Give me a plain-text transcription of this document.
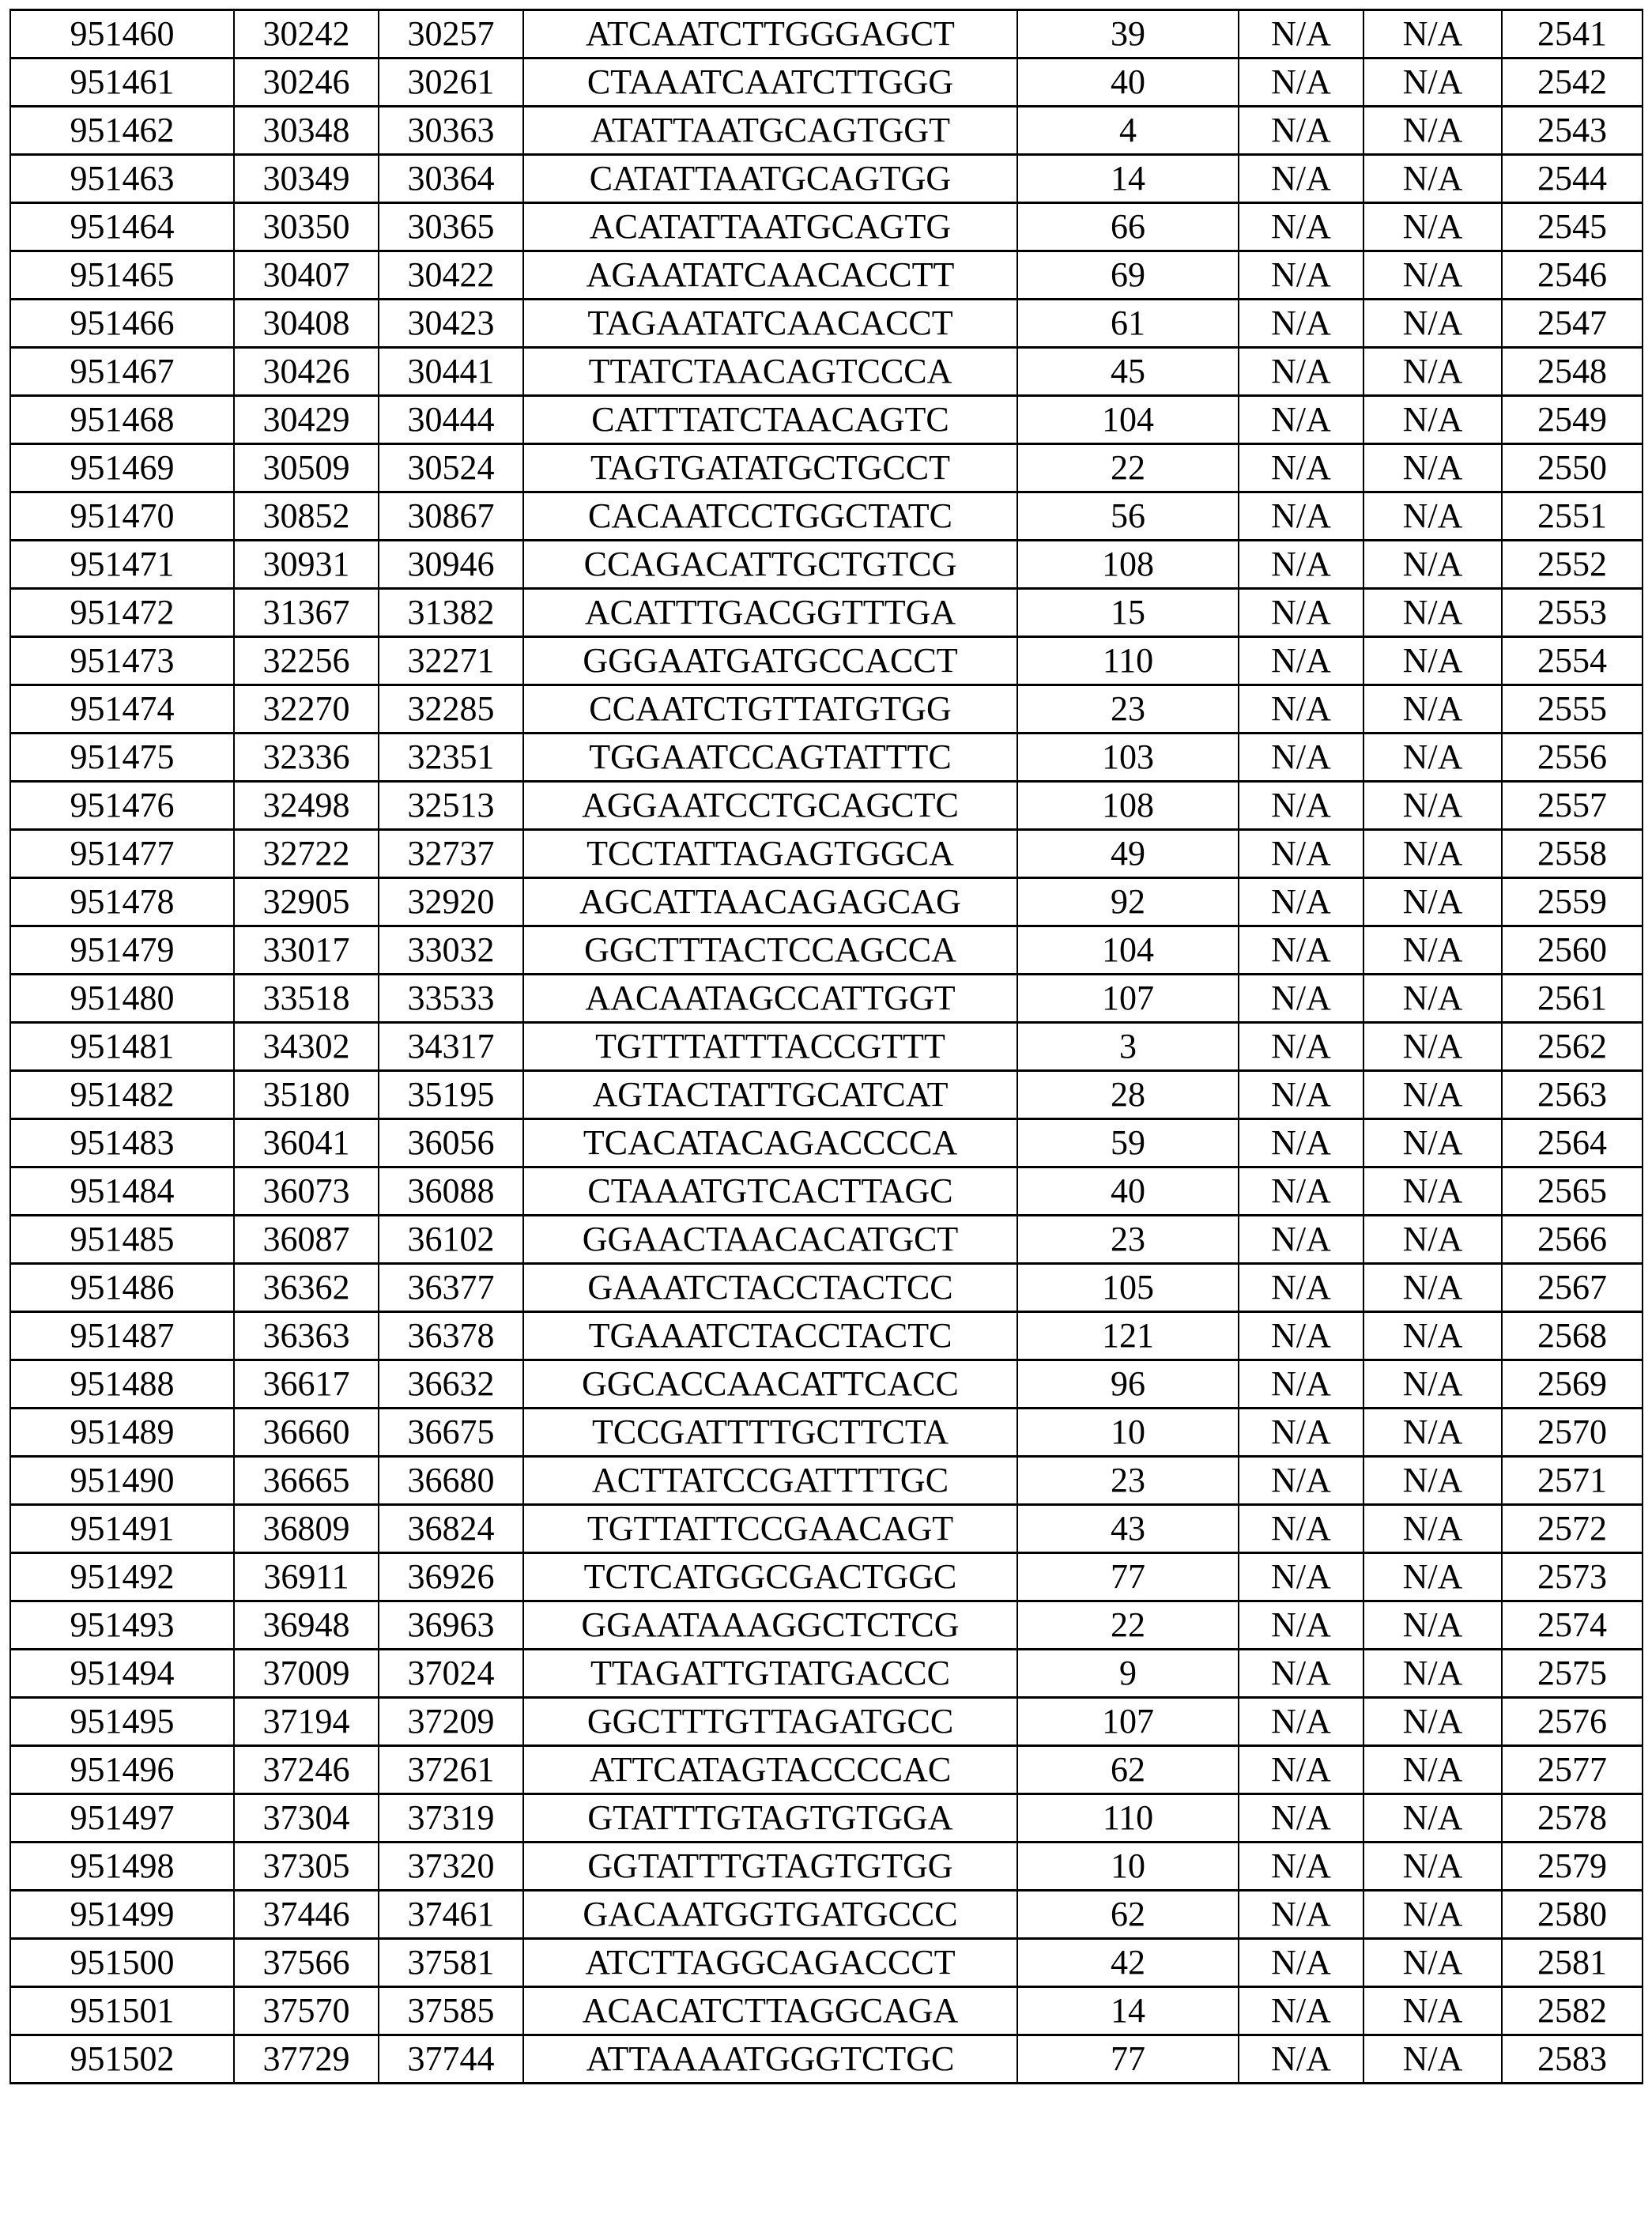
951460	30242	30257	ATCAATCTTGGGAGCT	39	N/A	N/A	2541
951461	30246	30261	CTAAATCAATCTTGGG	40	N/A	N/A	2542
951462	30348	30363	ATATTAATGCAGTGGT	4	N/A	N/A	2543
951463	30349	30364	CATATTAATGCAGTGG	14	N/A	N/A	2544
951464	30350	30365	ACATATTAATGCAGTG	66	N/A	N/A	2545
951465	30407	30422	AGAATATCAACACCTT	69	N/A	N/A	2546
951466	30408	30423	TAGAATATCAACACCT	61	N/A	N/A	2547
951467	30426	30441	TTATCTAACAGTCCCA	45	N/A	N/A	2548
951468	30429	30444	CATTTATCTAACAGTC	104	N/A	N/A	2549
951469	30509	30524	TAGTGATATGCTGCCT	22	N/A	N/A	2550
951470	30852	30867	CACAATCCTGGCTATC	56	N/A	N/A	2551
951471	30931	30946	CCAGACATTGCTGTCG	108	N/A	N/A	2552
951472	31367	31382	ACATTTGACGGTTTGA	15	N/A	N/A	2553
951473	32256	32271	GGGAATGATGCCACCT	110	N/A	N/A	2554
951474	32270	32285	CCAATCTGTTATGTGG	23	N/A	N/A	2555
951475	32336	32351	TGGAATCCAGTATTTC	103	N/A	N/A	2556
951476	32498	32513	AGGAATCCTGCAGCTC	108	N/A	N/A	2557
951477	32722	32737	TCCTATTAGAGTGGCA	49	N/A	N/A	2558
951478	32905	32920	AGCATTAACAGAGCAG	92	N/A	N/A	2559
951479	33017	33032	GGCTTTACTCCAGCCA	104	N/A	N/A	2560
951480	33518	33533	AACAATAGCCATTGGT	107	N/A	N/A	2561
951481	34302	34317	TGTTTATTTACCGTTT	3	N/A	N/A	2562
951482	35180	35195	AGTACTATTGCATCAT	28	N/A	N/A	2563
951483	36041	36056	TCACATACAGACCCCA	59	N/A	N/A	2564
951484	36073	36088	CTAAATGTCACTTAGC	40	N/A	N/A	2565
951485	36087	36102	GGAACTAACACATGCT	23	N/A	N/A	2566
951486	36362	36377	GAAATCTACCTACTCC	105	N/A	N/A	2567
951487	36363	36378	TGAAATCTACCTACTC	121	N/A	N/A	2568
951488	36617	36632	GGCACCAACATTCACC	96	N/A	N/A	2569
951489	36660	36675	TCCGATTTTGCTTCTA	10	N/A	N/A	2570
951490	36665	36680	ACTTATCCGATTTTGC	23	N/A	N/A	2571
951491	36809	36824	TGTTATTCCGAACAGT	43	N/A	N/A	2572
951492	36911	36926	TCTCATGGCGACTGGC	77	N/A	N/A	2573
951493	36948	36963	GGAATAAAGGCTCTCG	22	N/A	N/A	2574
951494	37009	37024	TTAGATTGTATGACCC	9	N/A	N/A	2575
951495	37194	37209	GGCTTTGTTAGATGCC	107	N/A	N/A	2576
951496	37246	37261	ATTCATAGTACCCCAC	62	N/A	N/A	2577
951497	37304	37319	GTATTTGTAGTGTGGA	110	N/A	N/A	2578
951498	37305	37320	GGTATTTGTAGTGTGG	10	N/A	N/A	2579
951499	37446	37461	GACAATGGTGATGCCC	62	N/A	N/A	2580
951500	37566	37581	ATCTTAGGCAGACCCT	42	N/A	N/A	2581
951501	37570	37585	ACACATCTTAGGCAGA	14	N/A	N/A	2582
951502	37729	37744	ATTAAAATGGGTCTGC	77	N/A	N/A	2583
